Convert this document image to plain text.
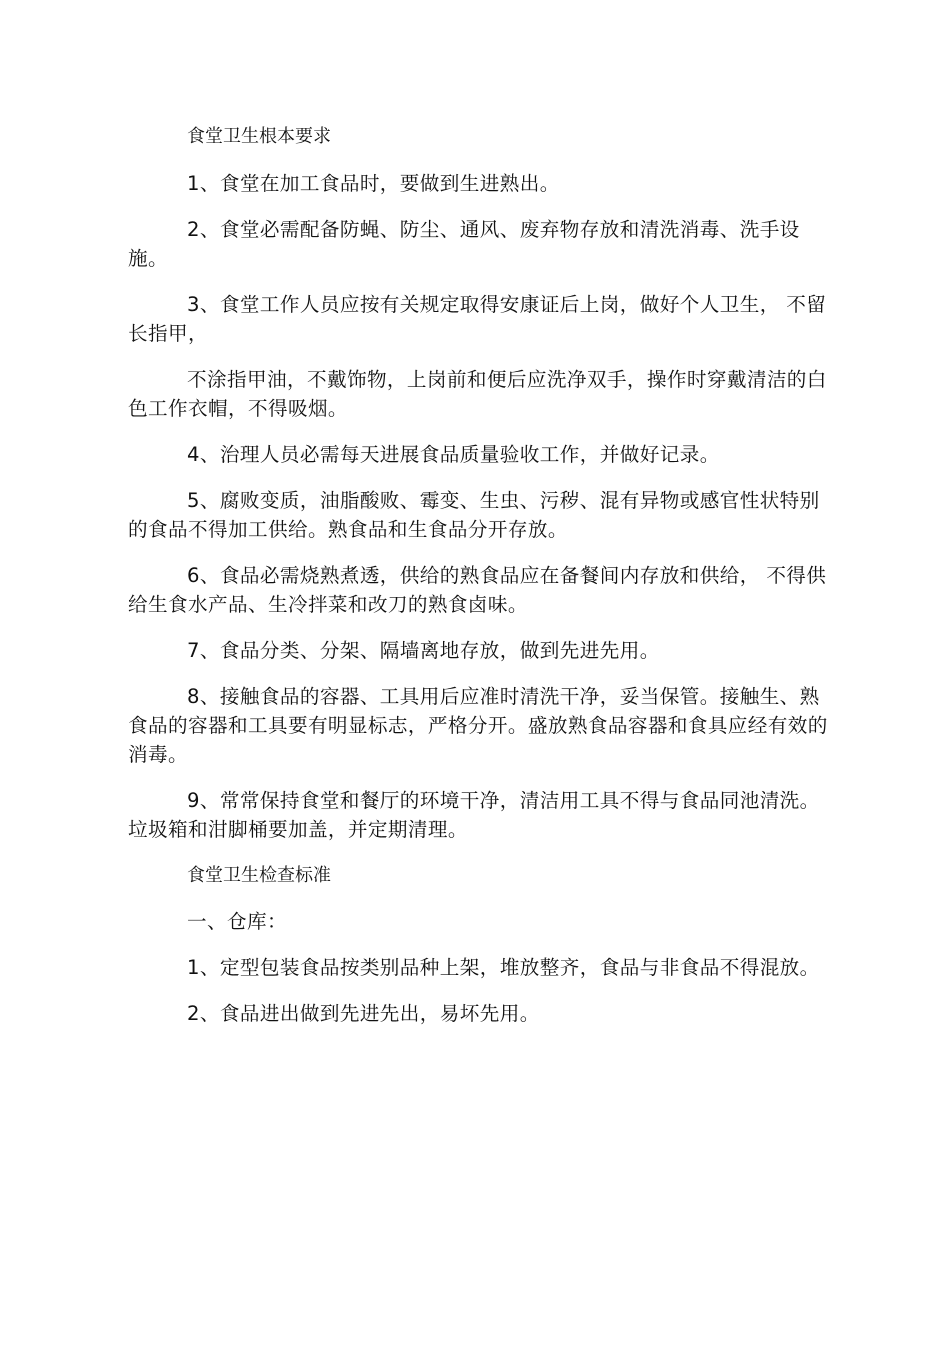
食堂卫生根本要求

1、食堂在加工食品时，要做到生进熟出。

2、食堂必需配备防蝇、防尘、通风、废弃物存放和清洗消毒、洗手设施。

3、食堂工作人员应按有关规定取得安康证后上岗，做好个人卫生， 不留长指甲，

不涂指甲油，不戴饰物，上岗前和便后应洗净双手，操作时穿戴清洁的白色工作衣帽，不得吸烟。

4、治理人员必需每天进展食品质量验收工作，并做好记录。

5、腐败变质，油脂酸败、霉变、生虫、污秽、混有异物或感官性状特别的食品不得加工供给。熟食品和生食品分开存放。

6、食品必需烧熟煮透，供给的熟食品应在备餐间内存放和供给， 不得供给生食水产品、生冷拌菜和改刀的熟食卤味。

7、食品分类、分架、隔墙离地存放，做到先进先用。

8、接触食品的容器、工具用后应准时清洗干净，妥当保管。接触生、熟食品的容器和工具要有明显标志，严格分开。盛放熟食品容器和食具应经有效的消毒。

9、常常保持食堂和餐厅的环境干净，清洁用工具不得与食品同池清洗。垃圾箱和泔脚桶要加盖，并定期清理。

食堂卫生检查标准

一、仓库：

1、定型包装食品按类别品种上架，堆放整齐，食品与非食品不得混放。

2、食品进出做到先进先出，易坏先用。
